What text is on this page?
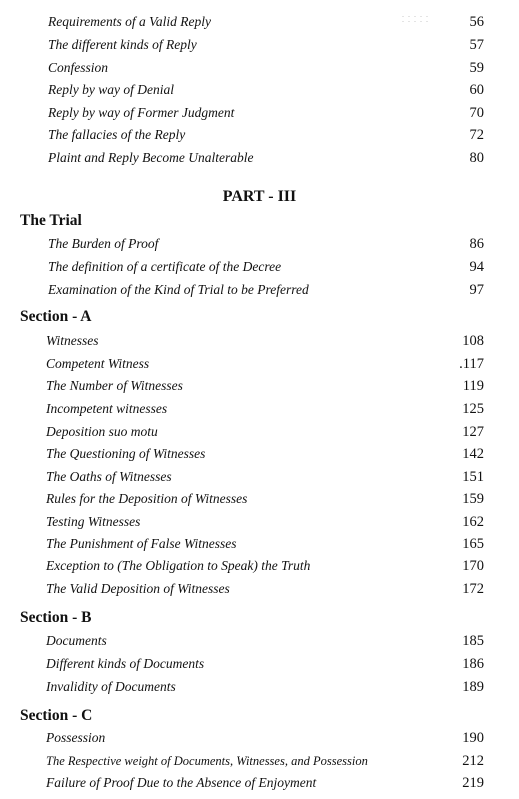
Requirements of a Valid Reply	56
The different kinds of Reply	57
Confession	59
Reply by way of Denial	60
Reply by way of Former Judgment	70
The fallacies of the Reply	72
Plaint and Reply Become Unalterable	80
PART - III
The Trial
The Burden of Proof	86
The definition of a certificate of the Decree	94
Examination of the Kind of Trial to be Preferred	97
Section - A
Witnesses	108
Competent Witness	.117
The Number of Witnesses	119
Incompetent witnesses	125
Deposition suo motu	127
The Questioning of Witnesses	142
The Oaths of Witnesses	151
Rules for the Deposition of Witnesses	159
Testing Witnesses	162
The Punishment of False Witnesses	165
Exception to (The Obligation to Speak) the Truth	170
The Valid Deposition of Witnesses	172
Section - B
Documents	185
Different kinds of Documents	186
Invalidity of Documents	189
Section - C
Possession	190
The Respective weight of Documents, Witnesses, and Possession	212
Failure of Proof Due to the Absence of Enjoyment	219
